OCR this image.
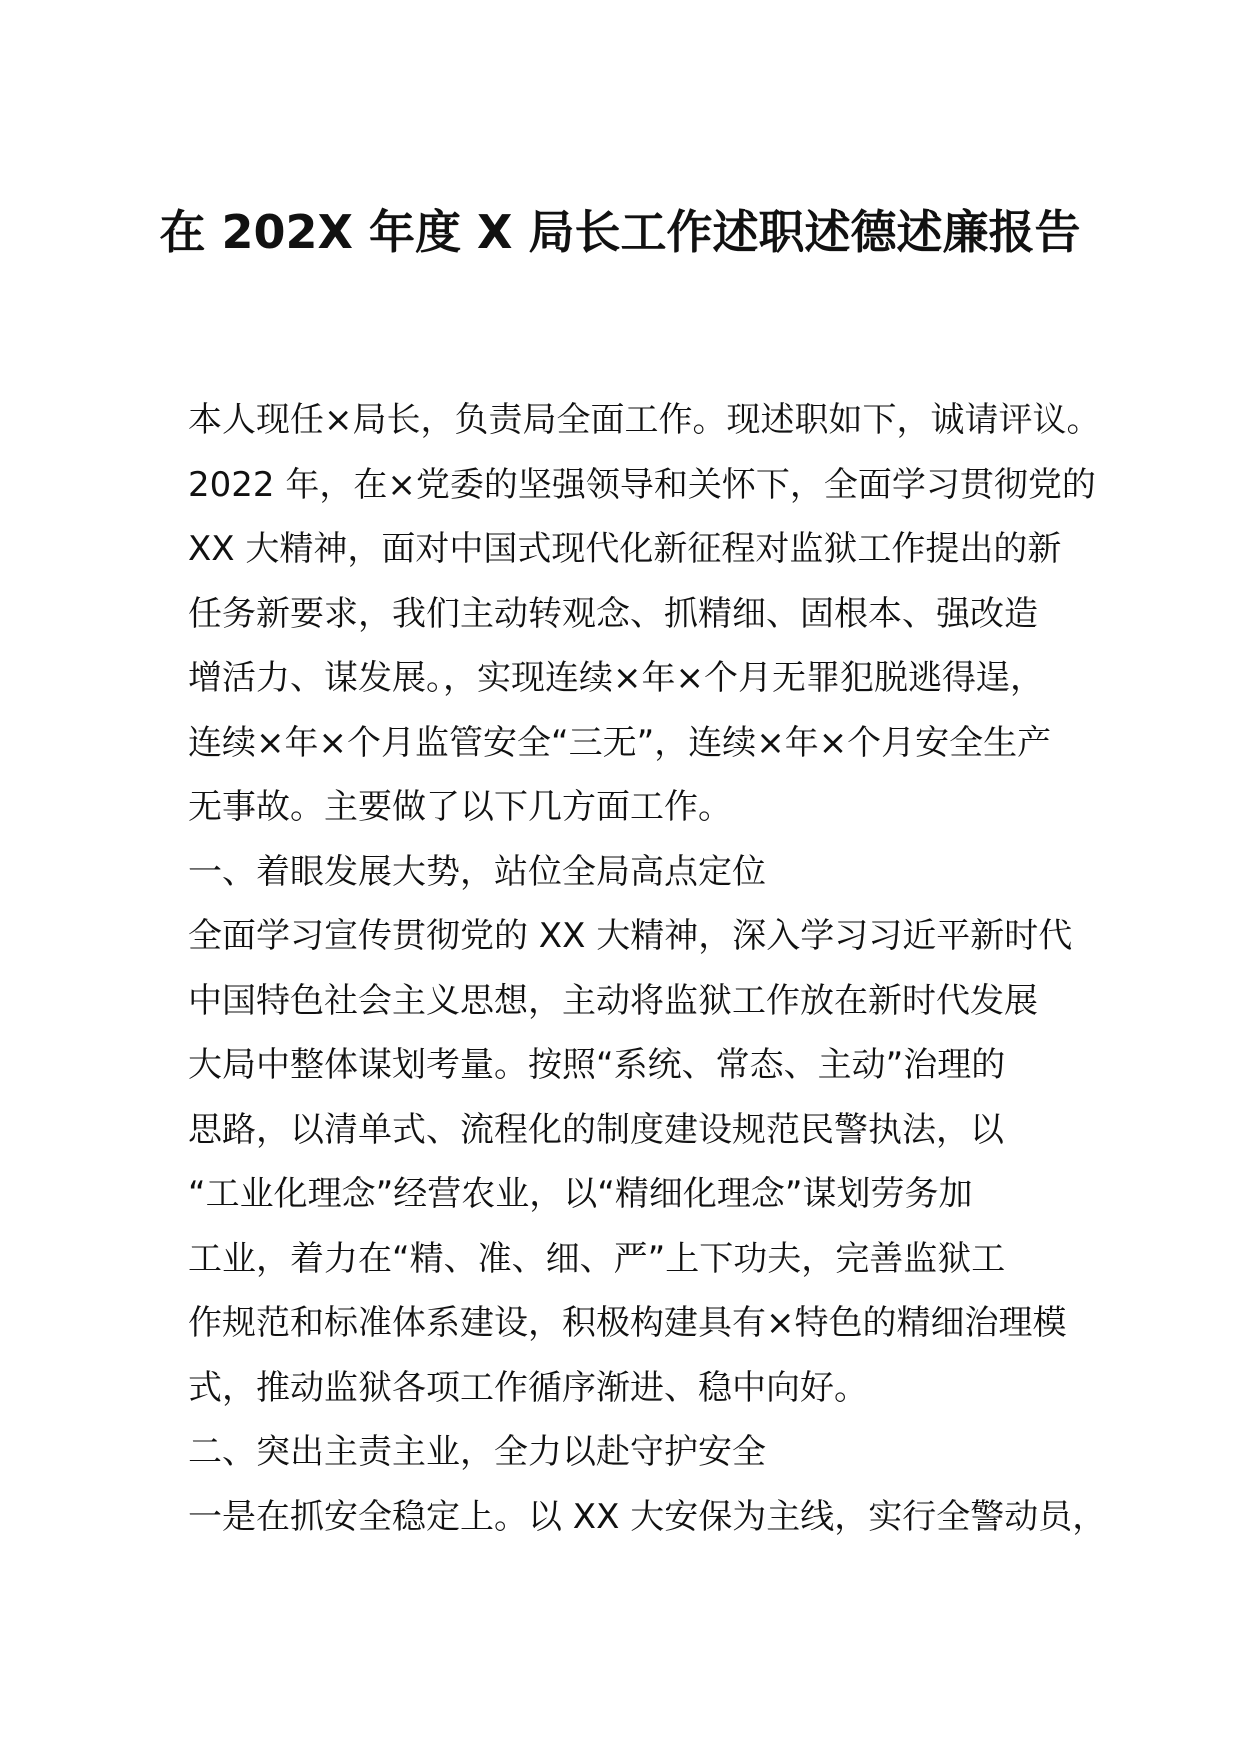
在 202X 年度 X 局长工作述职述德述廉报告
本人现任×局长，负责局全面工作。现述职如下，诚请评议。
2022 年，在×党委的坚强领导和关怀下，全面学习贯彻党的
XX 大精神，面对中国式现代化新征程对监狱工作提出的新
任务新要求，我们主动转观念、抓精细、固根本、强改造
增活力、谋发展。，实现连续×年×个月无罪犯脱逃得逞，
连续×年×个月监管安全“三无”，连续×年×个月安全生产
无事故。主要做了以下几方面工作。
一、着眼发展大势，站位全局高点定位
全面学习宣传贯彻党的 XX 大精神，深入学习习近平新时代
中国特色社会主义思想，主动将监狱工作放在新时代发展
大局中整体谋划考量。按照“系统、常态、主动”治理的
思路，以清单式、流程化的制度建设规范民警执法，以
“工业化理念”经营农业，以“精细化理念”谋划劳务加
工业，着力在“精、准、细、严”上下功夫，完善监狱工
作规范和标准体系建设，积极构建具有×特色的精细治理模
式，推动监狱各项工作循序渐进、稳中向好。
二、突出主责主业，全力以赴守护安全
一是在抓安全稳定上。以 XX 大安保为主线，实行全警动员，
